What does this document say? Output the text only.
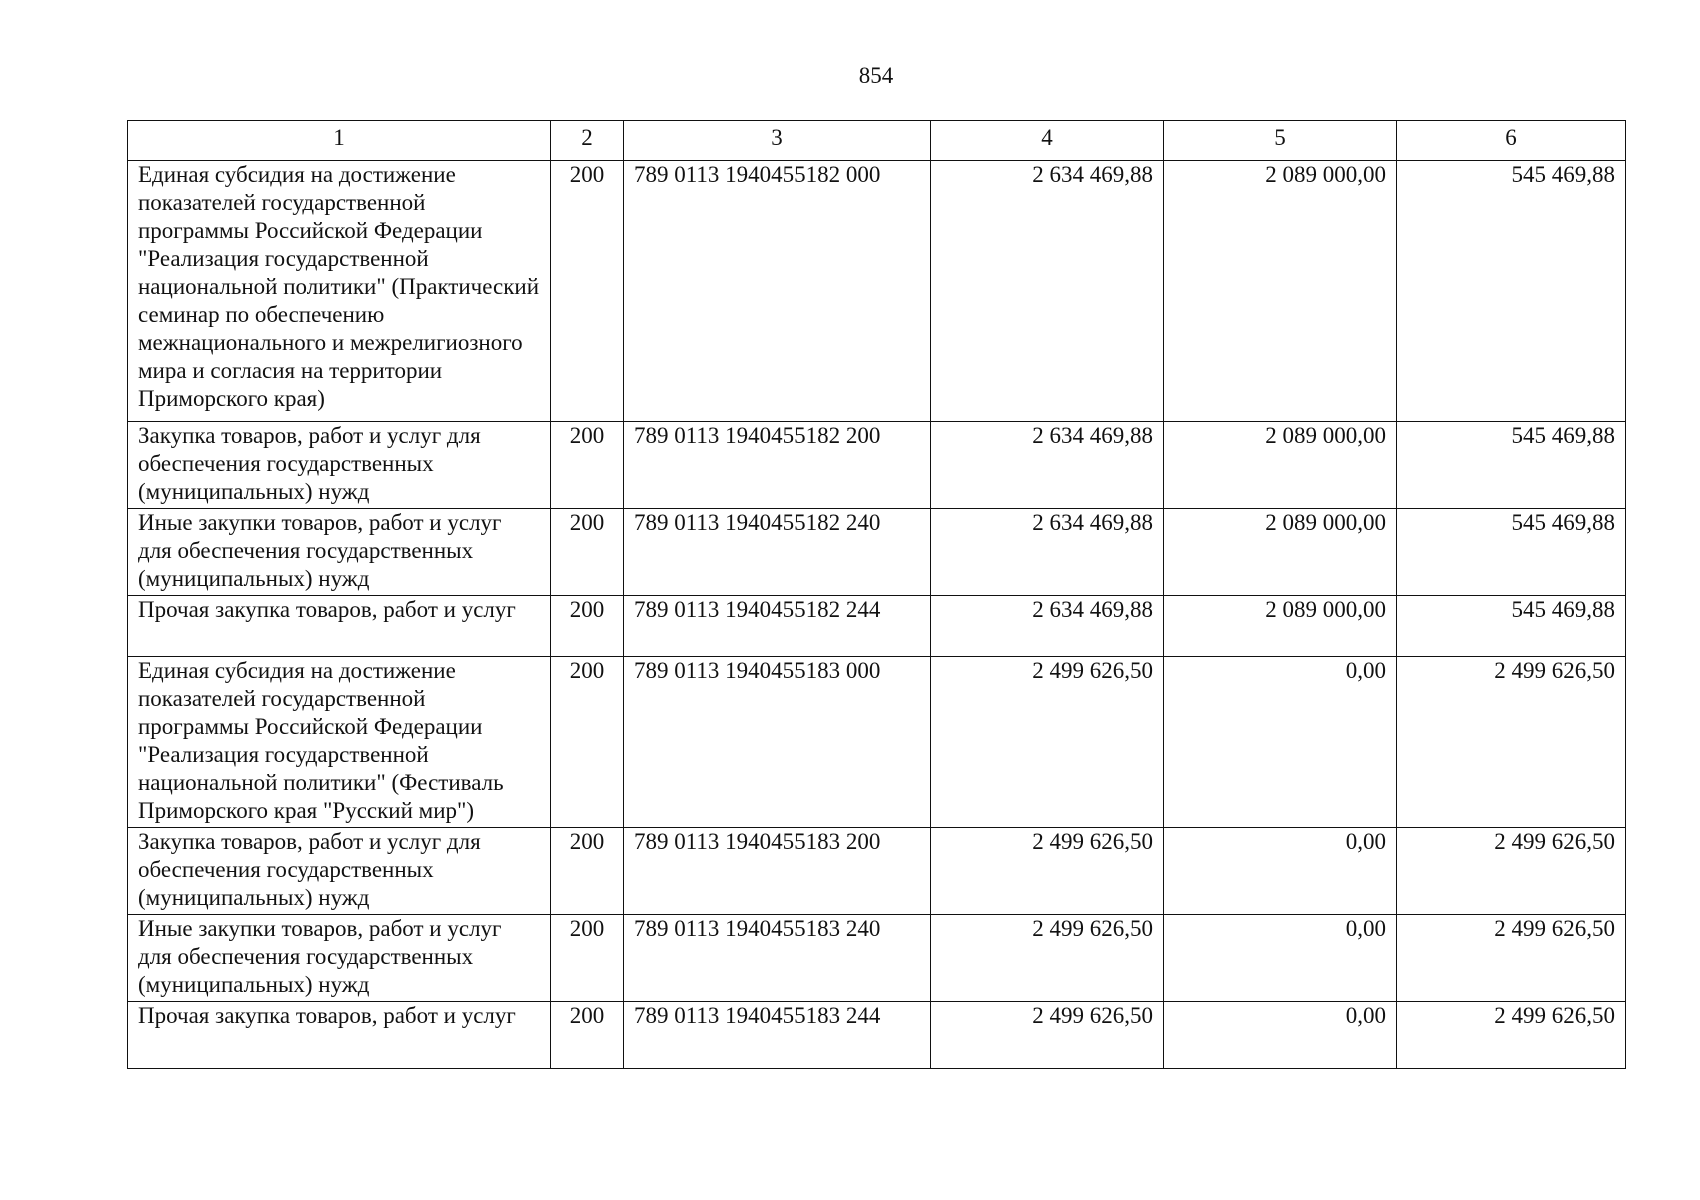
854
1	2	3	4	5	6
Единая субсидия на достижение показателей государственной программы Российской Федерации "Реализация государственной национальной политики" (Практический семинар по обеспечению межнационального и межрелигиозного мира и согласия на территории Приморского края)	200	789 0113 1940455182 000	2 634 469,88	2 089 000,00	545 469,88
Закупка товаров, работ и услуг для обеспечения государственных (муниципальных) нужд	200	789 0113 1940455182 200	2 634 469,88	2 089 000,00	545 469,88
Иные закупки товаров, работ и услуг для обеспечения государственных (муниципальных) нужд	200	789 0113 1940455182 240	2 634 469,88	2 089 000,00	545 469,88
Прочая закупка товаров, работ и услуг	200	789 0113 1940455182 244	2 634 469,88	2 089 000,00	545 469,88
Единая субсидия на достижение показателей государственной программы Российской Федерации "Реализация государственной национальной политики" (Фестиваль Приморского края "Русский мир")	200	789 0113 1940455183 000	2 499 626,50	0,00	2 499 626,50
Закупка товаров, работ и услуг для обеспечения государственных (муниципальных) нужд	200	789 0113 1940455183 200	2 499 626,50	0,00	2 499 626,50
Иные закупки товаров, работ и услуг для обеспечения государственных (муниципальных) нужд	200	789 0113 1940455183 240	2 499 626,50	0,00	2 499 626,50
Прочая закупка товаров, работ и услуг	200	789 0113 1940455183 244	2 499 626,50	0,00	2 499 626,50
